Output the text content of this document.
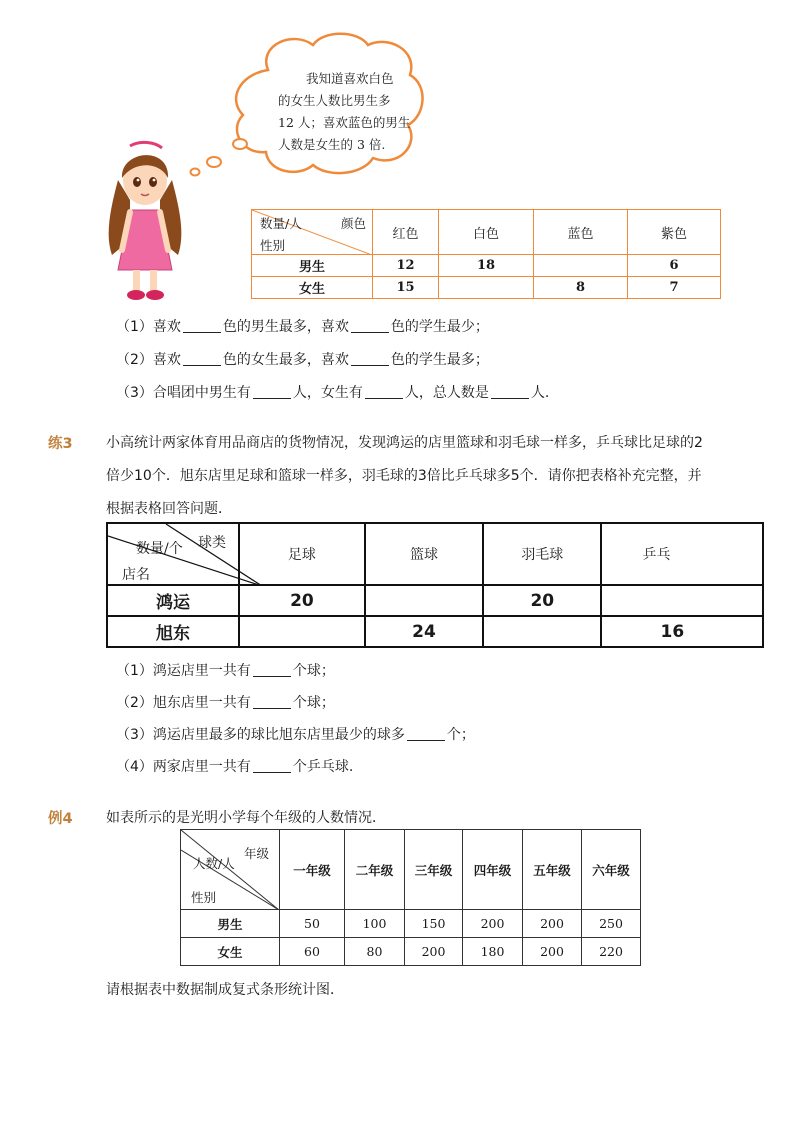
我知道喜欢白色
的女生人数比男生多
12 人；喜欢蓝色的男生
人数是女生的 3 倍.
颜色
数量/人
性别	红色	白色	蓝色	紫色
男生	12	18		6
女生	15		8	7
（1）喜欢	色的男生最多，喜欢	色的学生最少；
（2）喜欢	色的女生最多，喜欢	色的学生最多；
（3）合唱团中男生有	人，女生有	人，总人数是	人.
练3 小高统计两家体育用品商店的货物情况，发现鸿运的店里篮球和羽毛球一样多，乒乓球比足球的2
倍少10个．旭东店里足球和篮球一样多，羽毛球的3倍比乒乓球多5个．请你把表格补充完整，并
根据表格回答问题．
球类
数量/个
店名	足球	篮球	羽毛球	乒乓
鸿运	20		20	
旭东		24		16
（1）鸿运店里一共有	个球；
（2）旭东店里一共有	个球；
（3）鸿运店里最多的球比旭东店里最少的球多	个；
（4）两家店里一共有	个乒乓球.
例4 如表所示的是光明小学每个年级的人数情况．
年级
人数/人
性别	一年级	二年级	三年级	四年级	五年级	六年级
男生	50	100	150	200	200	250
女生	60	80	200	180	200	220
请根据表中数据制成复式条形统计图．
